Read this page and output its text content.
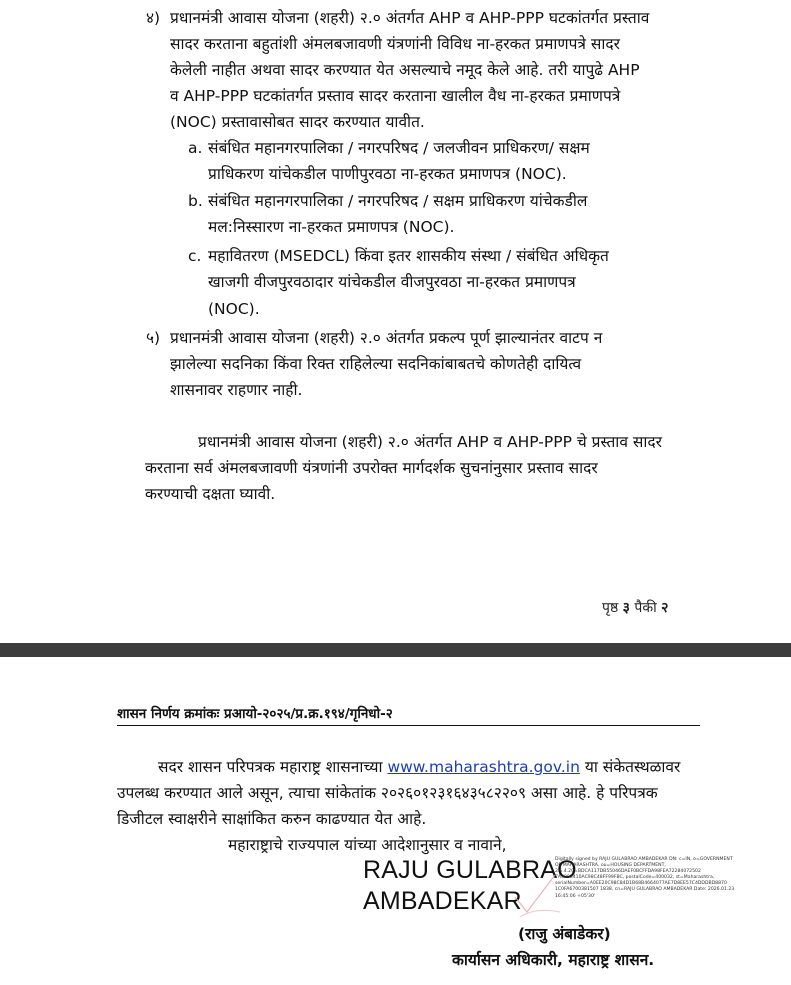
४) प्रधानमंत्री आवास योजना (शहरी) २.० अंतर्गत AHP व AHP-PPP घटकांतर्गत प्रस्ताव
सादर करताना बहुतांशी अंमलबजावणी यंत्रणांनी विविध ना-हरकत प्रमाणपत्रे सादर
केलेली नाहीत अथवा सादर करण्यात येत असल्याचे नमूद केले आहे. तरी यापुढे AHP
व AHP-PPP घटकांतर्गत प्रस्ताव सादर करताना खालील वैध ना-हरकत प्रमाणपत्रे
(NOC) प्रस्तावासोबत सादर करण्यात यावीत.
a. संबंधित महानगरपालिका / नगरपरिषद / जलजीवन प्राधिकरण/ सक्षम
प्राधिकरण यांचेकडील पाणीपुरवठा ना-हरकत प्रमाणपत्र (NOC).
b. संबंधित महानगरपालिका / नगरपरिषद / सक्षम प्राधिकरण यांचेकडील
मल:निस्सारण ना-हरकत प्रमाणपत्र (NOC).
c. महावितरण (MSEDCL) किंवा इतर शासकीय संस्था / संबंधित अधिकृत
खाजगी वीजपुरवठादार यांचेकडील वीजपुरवठा ना-हरकत प्रमाणपत्र
(NOC).
५) प्रधानमंत्री आवास योजना (शहरी) २.० अंतर्गत प्रकल्प पूर्ण झाल्यानंतर वाटप न
झालेल्या सदनिका किंवा रिक्त राहिलेल्या सदनिकांबाबतचे कोणतेही दायित्व
शासनावर राहणार नाही.
प्रधानमंत्री आवास योजना (शहरी) २.० अंतर्गत AHP व AHP-PPP चे प्रस्ताव सादर
करताना सर्व अंमलबजावणी यंत्रणांनी उपरोक्त मार्गदर्शक सुचनांनुसार प्रस्ताव सादर
करण्याची दक्षता घ्यावी.
पृष्ठ ३ पैकी २
शासन निर्णय क्रमांकः प्रआयो-२०२५/प्र.क्र.१९४/गृनिधो-२
सदर शासन परिपत्रक महाराष्ट्र शासनाच्या www.maharashtra.gov.in या संकेतस्थळावर
उपलब्ध करण्यात आले असून, त्याचा सांकेतांक २०२६०१२३१६४३५८२२०९ असा आहे. हे परिपत्रक
डिजीटल स्वाक्षरीने साक्षांकित करुन काढण्यात येत आहे.
महाराष्ट्राचे राज्यपाल यांच्या आदेशानुसार व नावाने,
RAJU GULABRAO
AMBADEKAR
Digitally signed by RAJU GULABRAO AMBADEKAR DN: c=IN, o=GOVERNMENT OF MAHARASHTRA, ou=HOUSING DEPARTMENT, 2.5.4.20=BDCA117DB55046DAEF0BCFFDA98FEA72284072502 7A3993410AC98C48FF99FBC, postalCode=400032, st=Maharashtra, serialNumber=A0EE20C98C84D1B68B4664077AE7D8EE57C4DDDBD8870 1C0FA6700381507 1838, cn=RAJU GULABRAO AMBADEKAR Date: 2026.01.23 16:45:06 +05'30'
(राजु अंबाडेकर)
कार्यासन अधिकारी, महाराष्ट्र शासन.
